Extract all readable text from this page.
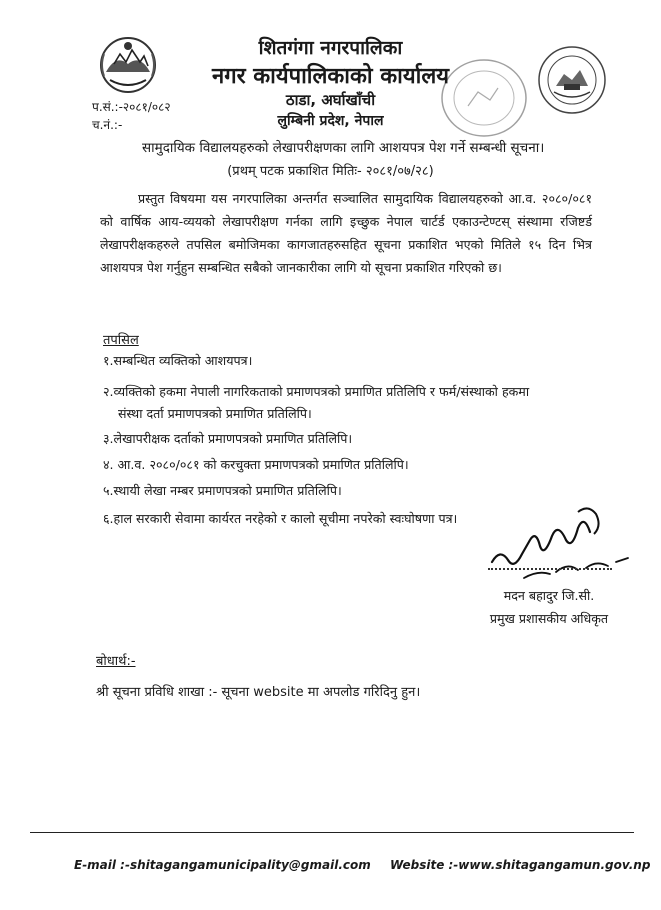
शितगंगा नगरपालिका
नगर कार्यपालिकाको कार्यालय
ठाडा, अर्घाखाँची
लुम्बिनी प्रदेश, नेपाल
प.सं.:-२०८१/०८२
च.नं.:-
सामुदायिक विद्यालयहरुको लेखापरीक्षणका लागि आशयपत्र पेश गर्ने सम्बन्धी सूचना।
(प्रथम् पटक प्रकाशित मितिः- २०८१/०७/२८)
प्रस्तुत विषयमा यस नगरपालिका अन्तर्गत सञ्चालित सामुदायिक विद्यालयहरुको आ.व. २०८०/०८१ को वार्षिक आय-व्ययको लेखापरीक्षण गर्नका लागि इच्छुक नेपाल चार्टर्ड एकाउन्टेण्टस् संस्थामा रजिष्टर्ड लेखापरीक्षकहरुले तपसिल बमोजिमका कागजातहरुसहित सूचना प्रकाशित भएको मितिले १५ दिन भित्र आशयपत्र पेश गर्नुहुन सम्बन्धित सबैको जानकारीका लागि यो सूचना प्रकाशित गरिएको छ।
तपसिल
१.सम्बन्धित व्यक्तिको आशयपत्र।
२.व्यक्तिको हकमा नेपाली नागरिकताको प्रमाणपत्रको प्रमाणित प्रतिलिपि र फर्म/संस्थाको हकमा
संस्था दर्ता प्रमाणपत्रको प्रमाणित प्रतिलिपि।
३.लेखापरीक्षक दर्ताको प्रमाणपत्रको प्रमाणित प्रतिलिपि।
४. आ.व. २०८०/०८१ को करचुक्ता प्रमाणपत्रको प्रमाणित प्रतिलिपि।
५.स्थायी लेखा नम्बर प्रमाणपत्रको प्रमाणित प्रतिलिपि।
६.हाल सरकारी सेवामा कार्यरत नरहेको र कालो सूचीमा नपरेको स्वःघोषणा पत्र।
मदन बहादुर जि.सी.
प्रमुख प्रशासकीय अधिकृत
बोधार्थ:-
श्री सूचना प्रविधि शाखा :- सूचना website मा अपलोड गरिदिनु हुन।
E-mail :-shitagangamunicipality@gmail.com Website :-www.shitagangamun.gov.np
